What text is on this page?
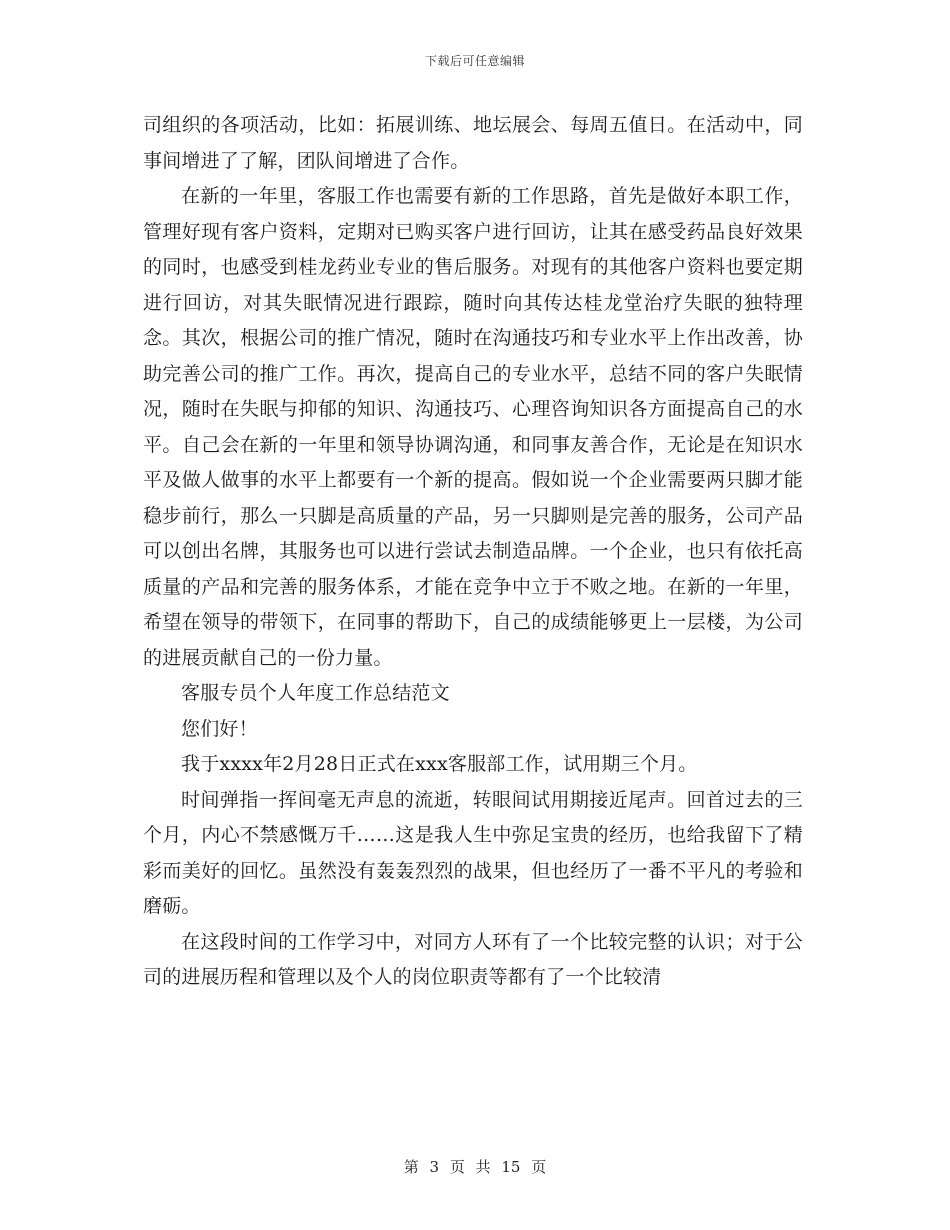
下载后可任意编辑

司组织的各项活动，比如：拓展训练、地坛展会、每周五值日。在活动中，同事间增进了了解，团队间增进了合作。

在新的一年里，客服工作也需要有新的工作思路，首先是做好本职工作，管理好现有客户资料，定期对已购买客户进行回访，让其在感受药品良好效果的同时，也感受到桂龙药业专业的售后服务。对现有的其他客户资料也要定期进行回访，对其失眠情况进行跟踪，随时向其传达桂龙堂治疗失眠的独特理念。其次，根据公司的推广情况，随时在沟通技巧和专业水平上作出改善，协助完善公司的推广工作。再次，提高自己的专业水平，总结不同的客户失眠情况，随时在失眠与抑郁的知识、沟通技巧、心理咨询知识各方面提高自己的水平。自己会在新的一年里和领导协调沟通，和同事友善合作，无论是在知识水平及做人做事的水平上都要有一个新的提高。假如说一个企业需要两只脚才能稳步前行，那么一只脚是高质量的产品，另一只脚则是完善的服务，公司产品可以创出名牌，其服务也可以进行尝试去制造品牌。一个企业，也只有依托高质量的产品和完善的服务体系，才能在竞争中立于不败之地。在新的一年里，希望在领导的带领下，在同事的帮助下，自己的成绩能够更上一层楼，为公司的进展贡献自己的一份力量。

客服专员个人年度工作总结范文

您们好！

我于xxxx年2月28日正式在xxx客服部工作，试用期三个月。

时间弹指一挥间毫无声息的流逝，转眼间试用期接近尾声。回首过去的三个月，内心不禁感慨万千……这是我人生中弥足宝贵的经历，也给我留下了精彩而美好的回忆。虽然没有轰轰烈烈的战果，但也经历了一番不平凡的考验和磨砺。

在这段时间的工作学习中，对同方人环有了一个比较完整的认识；对于公司的进展历程和管理以及个人的岗位职责等都有了一个比较清

第 3 页 共 15 页
